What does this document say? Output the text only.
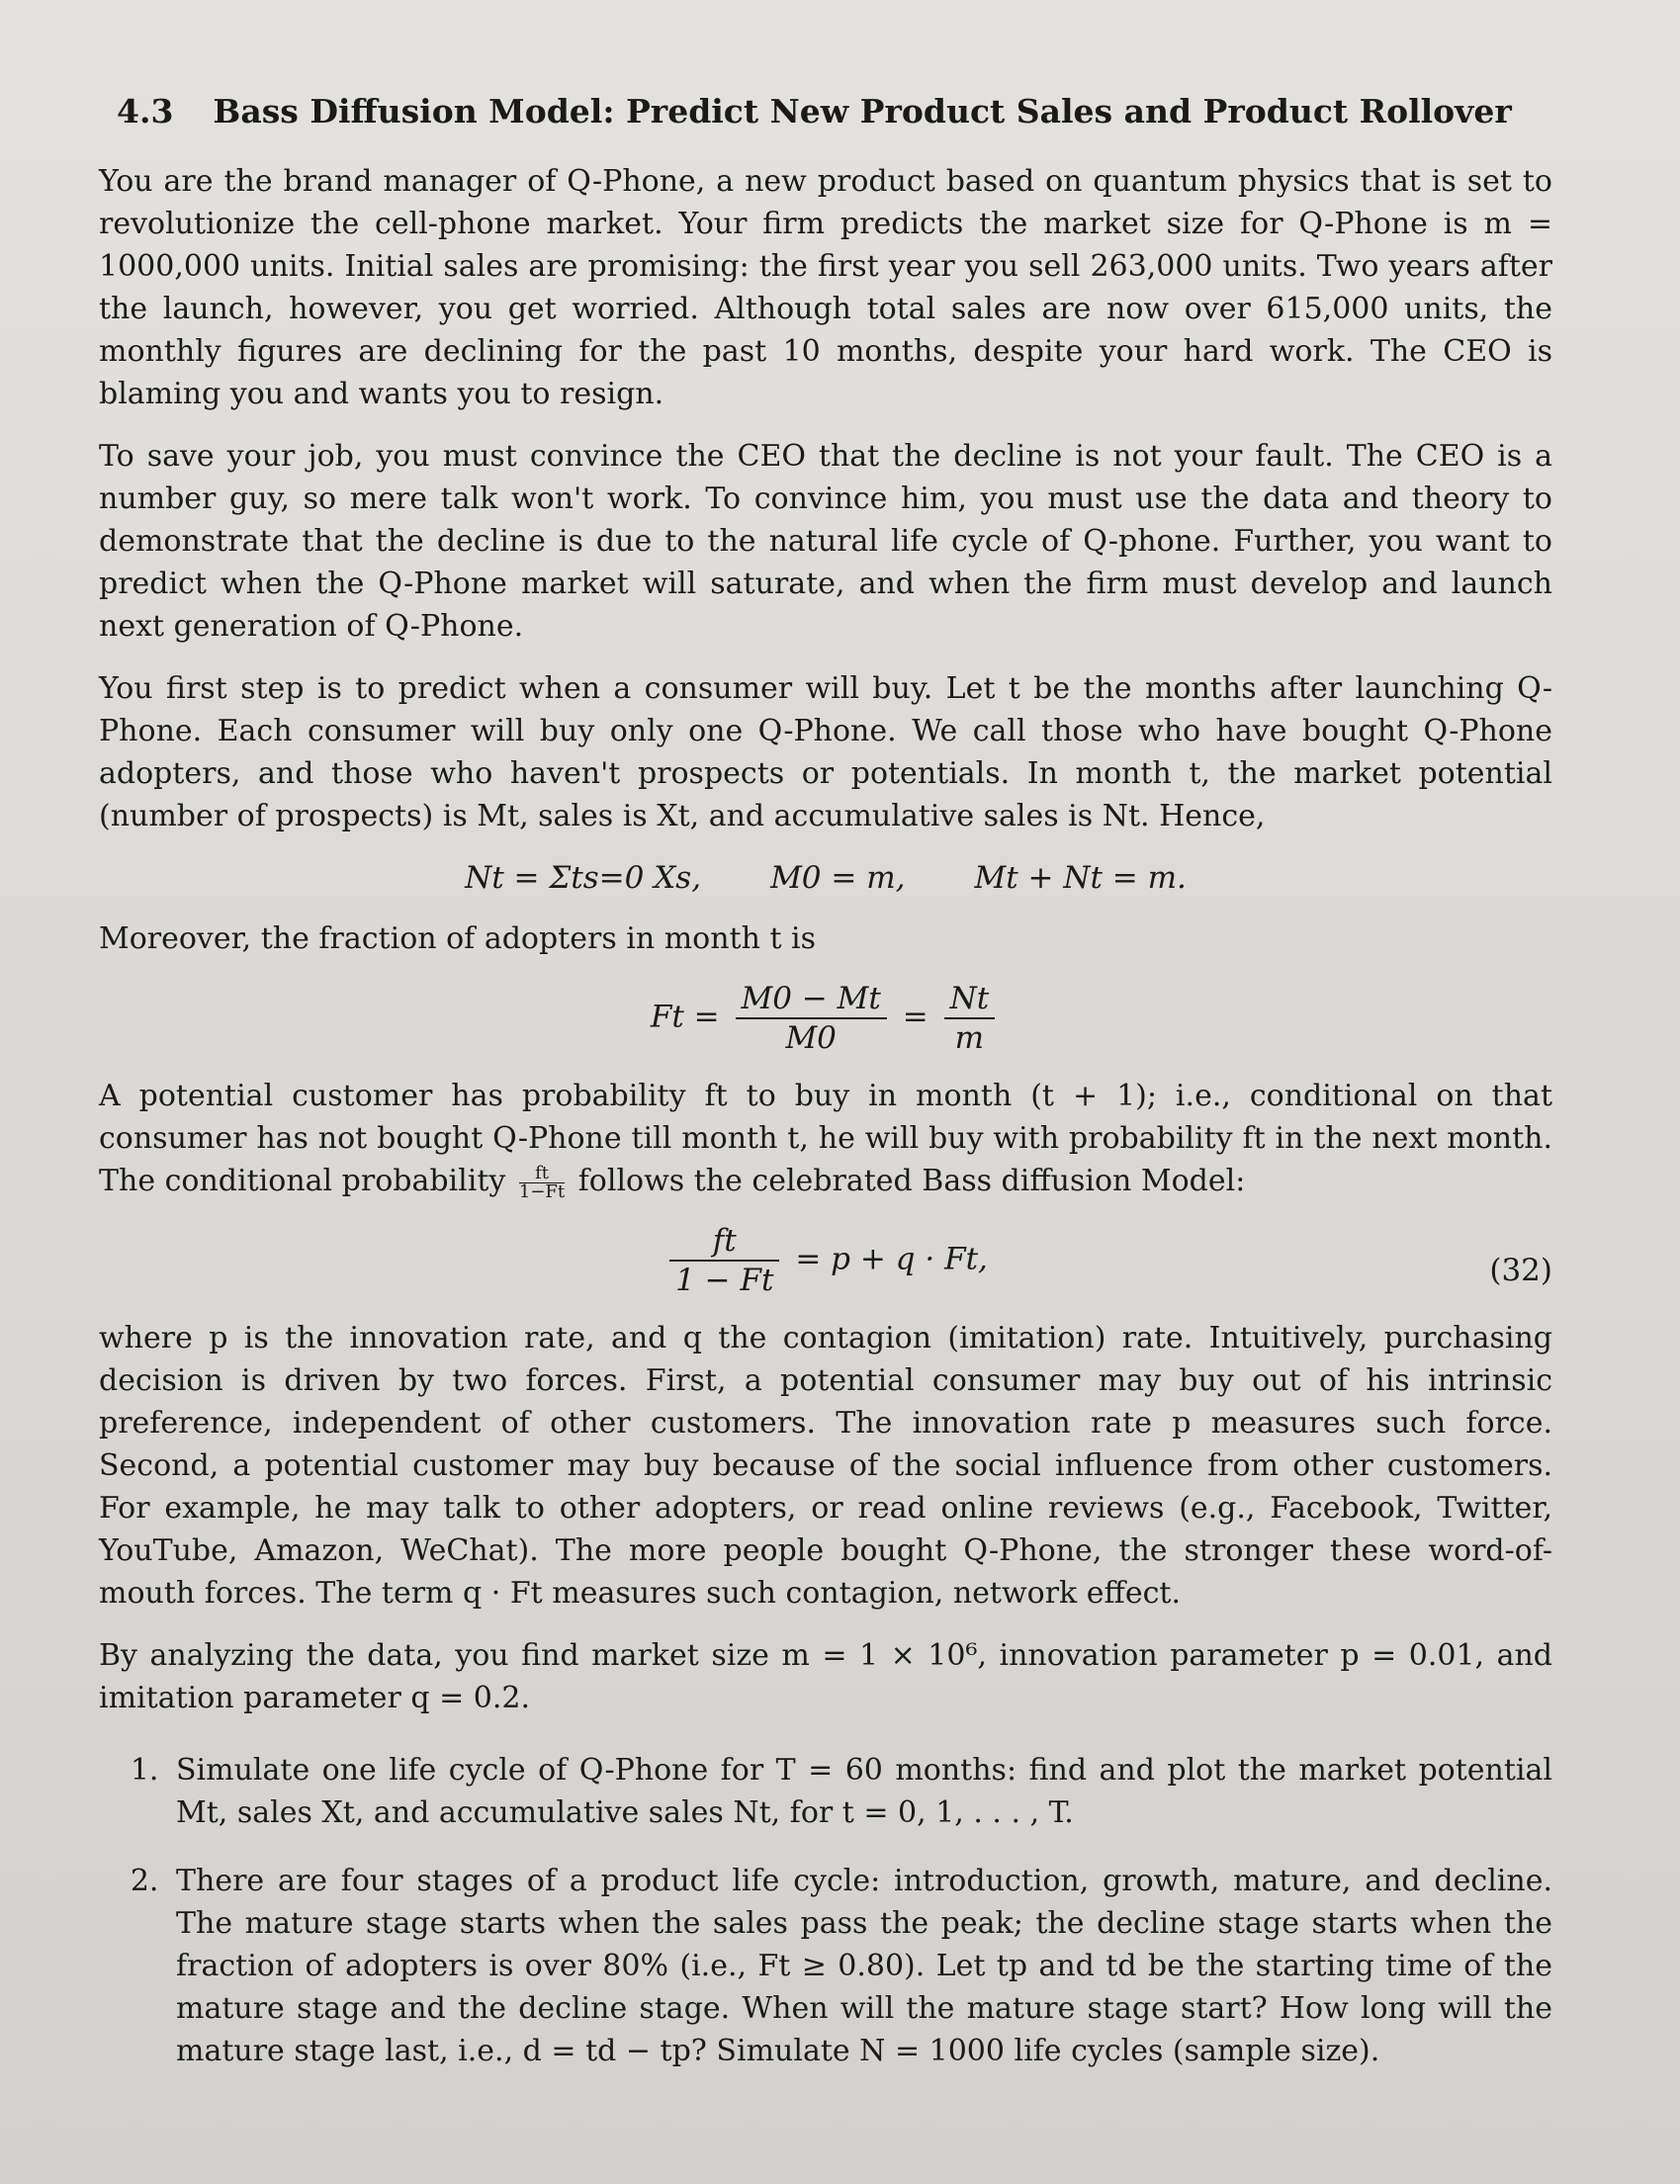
4.3 Bass Diffusion Model: Predict New Product Sales and Product Rollover

You are the brand manager of Q-Phone, a new product based on quantum physics that is set to revolutionize the cell-phone market. Your firm predicts the market size for Q-Phone is m = 1000,000 units. Initial sales are promising: the first year you sell 263,000 units. Two years after the launch, however, you get worried. Although total sales are now over 615,000 units, the monthly figures are declining for the past 10 months, despite your hard work. The CEO is blaming you and wants you to resign.

To save your job, you must convince the CEO that the decline is not your fault. The CEO is a number guy, so mere talk won't work. To convince him, you must use the data and theory to demonstrate that the decline is due to the natural life cycle of Q-phone. Further, you want to predict when the Q-Phone market will saturate, and when the firm must develop and launch next generation of Q-Phone.

You first step is to predict when a consumer will buy. Let t be the months after launching Q-Phone. Each consumer will buy only one Q-Phone. We call those who have bought Q-Phone adopters, and those who haven't prospects or potentials. In month t, the market potential (number of prospects) is Mt, sales is Xt, and accumulative sales is Nt. Hence,

Nt = Σts=0 Xs, M0 = m, Mt + Nt = m.

Moreover, the fraction of adopters in month t is

$Ft = \frac{M0 - Mt}{M0} = \frac{Nt}{m}$

A potential customer has probability ft to buy in month (t + 1); i.e., conditional on that consumer has not bought Q-Phone till month t, he will buy with probability ft in the next month. The conditional probability $\frac{ft}{1-Ft}$ follows the celebrated Bass diffusion Model:

$\frac{ft}{1 - Ft} = p + q \cdot Ft$,	(32)

where p is the innovation rate, and q the contagion (imitation) rate. Intuitively, purchasing decision is driven by two forces. First, a potential consumer may buy out of his intrinsic preference, independent of other customers. The innovation rate p measures such force. Second, a potential customer may buy because of the social influence from other customers. For example, he may talk to other adopters, or read online reviews (e.g., Facebook, Twitter, YouTube, Amazon, WeChat). The more people bought Q-Phone, the stronger these word-of-mouth forces. The term q · Ft measures such contagion, network effect.

By analyzing the data, you find market size m = 1 × 10⁶, innovation parameter p = 0.01, and imitation parameter q = 0.2.

1. Simulate one life cycle of Q-Phone for T = 60 months: find and plot the market potential Mt, sales Xt, and accumulative sales Nt, for t = 0, 1, . . . , T.
2. There are four stages of a product life cycle: introduction, growth, mature, and decline. The mature stage starts when the sales pass the peak; the decline stage starts when the fraction of adopters is over 80% (i.e., Ft ≥ 0.80). Let tp and td be the starting time of the mature stage and the decline stage. When will the mature stage start? How long will the mature stage last, i.e., d = td − tp? Simulate N = 1000 life cycles (sample size).
